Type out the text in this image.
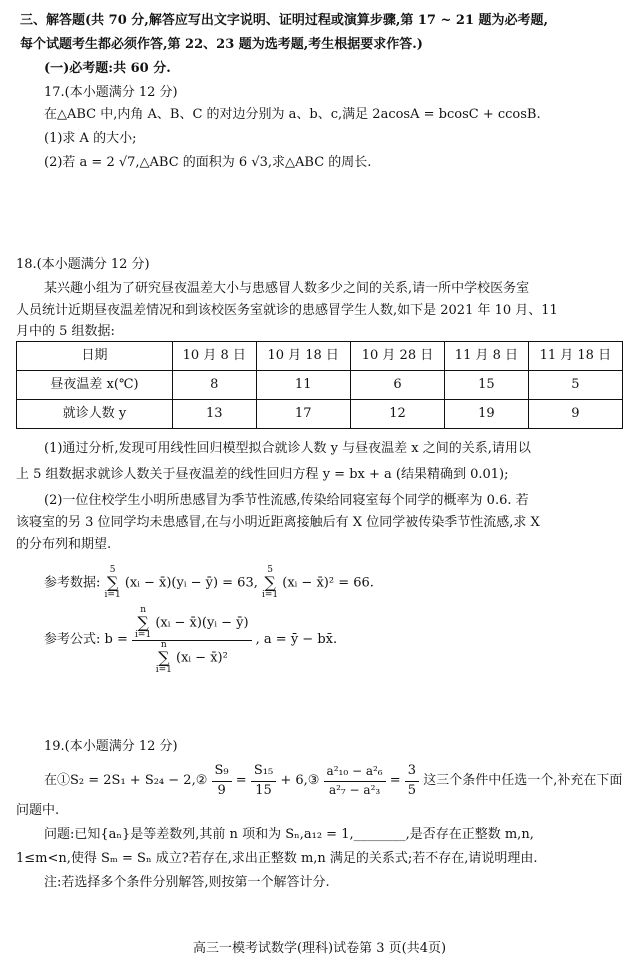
三、解答题(共 70 分,解答应写出文字说明、证明过程或演算步骤,第 17 ~ 21 题为必考题,
每个试题考生都必须作答,第 22、23 题为选考题,考生根据要求作答.)
(一)必考题:共 60 分.
17.(本小题满分 12 分)
在△ABC 中,内角 A、B、C 的对边分别为 a、b、c,满足 2acosA = bcosC + ccosB.
(1)求 A 的大小;
(2)若 a = 2 √7,△ABC 的面积为 6 √3,求△ABC 的周长.
18.(本小题满分 12 分)
某兴趣小组为了研究昼夜温差大小与患感冒人数多少之间的关系,请一所中学校医务室
人员统计近期昼夜温差情况和到该校医务室就诊的患感冒学生人数,如下是 2021 年 10 月、11
月中的 5 组数据:
日期	10 月 8 日	10 月 18 日	10 月 28 日	11 月 8 日	11 月 18 日
昼夜温差 x(℃)	8	11	6	15	5
就诊人数 y	13	17	12	19	9
(1)通过分析,发现可用线性回归模型拟合就诊人数 y 与昼夜温差 x 之间的关系,请用以
上 5 组数据求就诊人数关于昼夜温差的线性回归方程 y = bx + a (结果精确到 0.01);
(2)一位住校学生小明所患感冒为季节性流感,传染给同寝室每个同学的概率为 0.6. 若
该寝室的另 3 位同学均未患感冒,在与小明近距离接触后有 X 位同学被传染季节性流感,求 X
的分布列和期望.
参考数据: 5
∑
i=1 (xᵢ − x̄)(yᵢ − ȳ) = 63, 5
∑
i=1 (xᵢ − x̄)² = 66.
参考公式: b =
n
∑
i=1 (xᵢ − x̄)(yᵢ − ȳ)
n
∑
i=1 (xᵢ − x̄)²
, a = ȳ − bx̄.
19.(本小题满分 12 分)
在①S₂ = 2S₁ + S₂₄ − 2,② $\frac{\text{S₉}}{9} = \frac{\text{S₁₅}}{15}$ + 6,③ $\frac{\text{a²₁₀ − a²₆}}{\text{a²₇ − a²₃}} = \frac{3}{5}$ 这三个条件中任选一个,补充在下面
问题中.
问题:已知{aₙ}是等差数列,其前 n 项和为 Sₙ,a₁₂ = 1,________,是否存在正整数 m,n,
1≤m<n,使得 Sₘ = Sₙ 成立?若存在,求出正整数 m,n 满足的关系式;若不存在,请说明理由.
注:若选择多个条件分别解答,则按第一个解答计分.
高三一模考试数学(理科)试卷第 3 页(共4页)
